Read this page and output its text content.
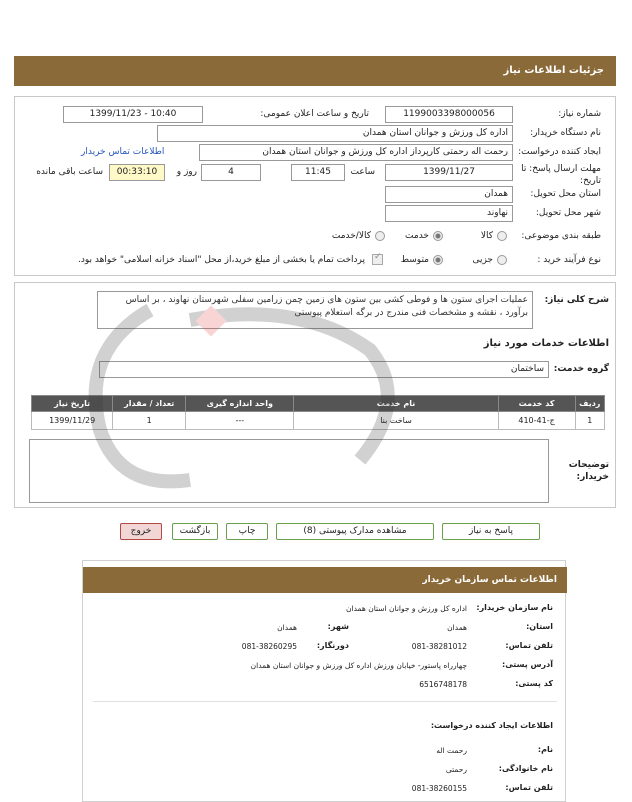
جزئیات اطلاعات نیاز
شماره نیاز:
1199003398000056
تاریخ و ساعت اعلان عمومی:
1399/11/23 - 10:40
نام دستگاه خریدار:
اداره کل ورزش و جوانان استان همدان
ایجاد کننده درخواست:
رحمت اله رحمتی کارپرداز اداره کل ورزش و جوانان استان همدان
اطلاعات تماس خریدار
مهلت ارسال پاسخ: تا تاریخ:
1399/11/27
ساعت
11:45
4
روز و
00:33:10
ساعت باقی مانده
استان محل تحویل:
همدان
شهر محل تحویل:
نهاوند
طبقه بندی موضوعی:
کالا
خدمت
کالا/خدمت
نوع فرآیند خرید :
جزیی
متوسط
✓
پرداخت تمام یا بخشی از مبلغ خرید،از محل "اسناد خزانه اسلامی" خواهد بود.
شرح کلی نیاز:
عملیات اجرای ستون ها و فوطی کشی بین ستون های زمین چمن زرامین سفلی شهرستان نهاوند ، بر اساس برآورد ، نقشه و مشخصات فنی مندرج در برگه استعلام پیوستی
اطلاعات خدمات مورد نیاز
گروه خدمت:
ساختمان
ردیف	کد خدمت	نام خدمت	واحد اندازه گیری	تعداد / مقدار	تاریخ نیاز
1	ج-41-410	ساخت بنا	---	1	1399/11/29
توضیحات خریدار:
پاسخ به نیاز
مشاهده مدارک پیوستی (8)
چاپ
بازگشت
خروج
اطلاعات تماس سازمان خریدار
نام سازمان خریدار:
اداره کل ورزش و جوانان استان همدان
استان:
همدان
شهر:
همدان
تلفن تماس:
081-38281012
دورنگار:
081-38260295
آدرس پستی:
چهارراه پاستور- خیابان ورزش اداره کل ورزش و جوانان استان همدان
کد پستی:
6516748178
اطلاعات ایجاد کننده درخواست:
نام:
رحمت اله
نام خانوادگی:
رحمتی
تلفن تماس:
081-38260155
